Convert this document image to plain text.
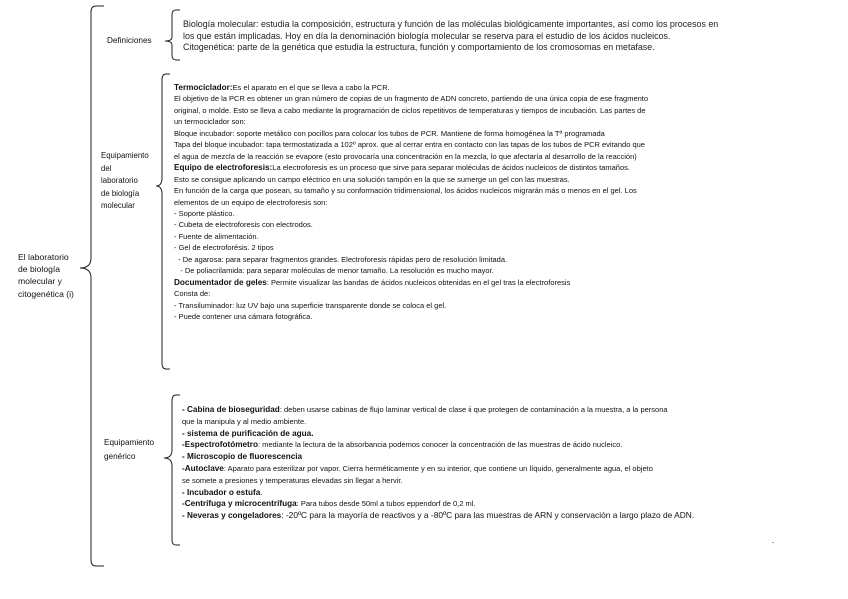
El laboratorio
de biología
molecular y
citogenética (i)
Definiciones

Biología molecular: estudia la composición, estructura y función de las moléculas biológicamente importantes, así como los procesos en

los que están implicadas. Hoy en día la denominación biología molecular se reserva para el estudio de los ácidos nucleicos.

Citogenética: parte de la genética que estudia la estructura, función y comportamiento de los cromosomas en metafase.

Equipamiento
del
laboratorio
de biología
molecular

Termociclador:Es el aparato en el que se lleva a cabo la PCR.

El objetivo de la PCR es obtener un gran número de copias de un fragmento de ADN concreto, partiendo de una única copia de ese fragmento

original, o molde. Esto se lleva a cabo mediante la programación de ciclos repetitivos de temperaturas y tiempos de incubación. Las partes de

un termociclador son:

Bloque incubador: soporte metálico con pocillos para colocar los tubos de PCR. Mantiene de forma homogénea la Tª programada

Tapa del bloque incubador: tapa termostatizada a 102º aprox. que al cerrar entra en contacto con las tapas de los tubos de PCR evitando que

el agua de mezcla de la reacción se evapore (esto provocaría una concentración en la mezcla, lo que afectaría al desarrollo de la reacción)

Equipo de electroforesis:La electroforesis es un proceso que sirve para separar moléculas de ácidos nucleicos de distintos tamaños.

Esto se consigue aplicando un campo eléctrico en una solución tampón en la que se sumerge un gel con las muestras.

En función de la carga que posean, su tamaño y su conformación tridimensional, los ácidos nucleicos migrarán más o menos en el gel. Los

elementos de un equipo de electroforesis son:

- Soporte plástico.

- Cubeta de electroforesis con electrodos.

- Fuente de alimentación.

- Gel de electroforésis. 2 tipos

- De agarosa: para separar fragmentos grandes. Electroforesis rápidas pero de resolución limitada.

- De poliacrilamida: para separar moléculas de menor tamaño. La resolución es mucho mayor.

Documentador de geles: Permite visualizar las bandas de ácidos nucleicos obtenidas en el gel tras la electroforesis

Consta de:

- Transiluminador: luz UV bajo una superficie transparente donde se coloca el gel.

- Puede contener una cámara fotográfica.

Equipamiento
genérico

- Cabina de bioseguridad: deben usarse cabinas de flujo laminar vertical de clase ii que protegen de contaminación a la muestra, a la persona

que la manipula y al medio ambiente.

- sistema de purificación de agua.

-Espectrofotómetro: mediante la lectura de la absorbancia podemos conocer la concentración de las muestras de ácido nucleico.

- Microscopio de fluorescencia

-Autoclave: Aparato para esterilizar por vapor. Cierra herméticamente y en su interior, que contiene un líquido, generalmente agua, el objeto

se somete a presiones y temperaturas elevadas sin llegar a hervir.

- Incubador o estufa.

-Centrífuga y microcentrífuga: Para tubos desde 50ml a tubos eppendorf de 0,2 ml.

- Neveras y congeladores: -20ºC para la mayoría de reactivos y a -80ºC para las muestras de ARN y conservación a largo plazo de ADN.

-
